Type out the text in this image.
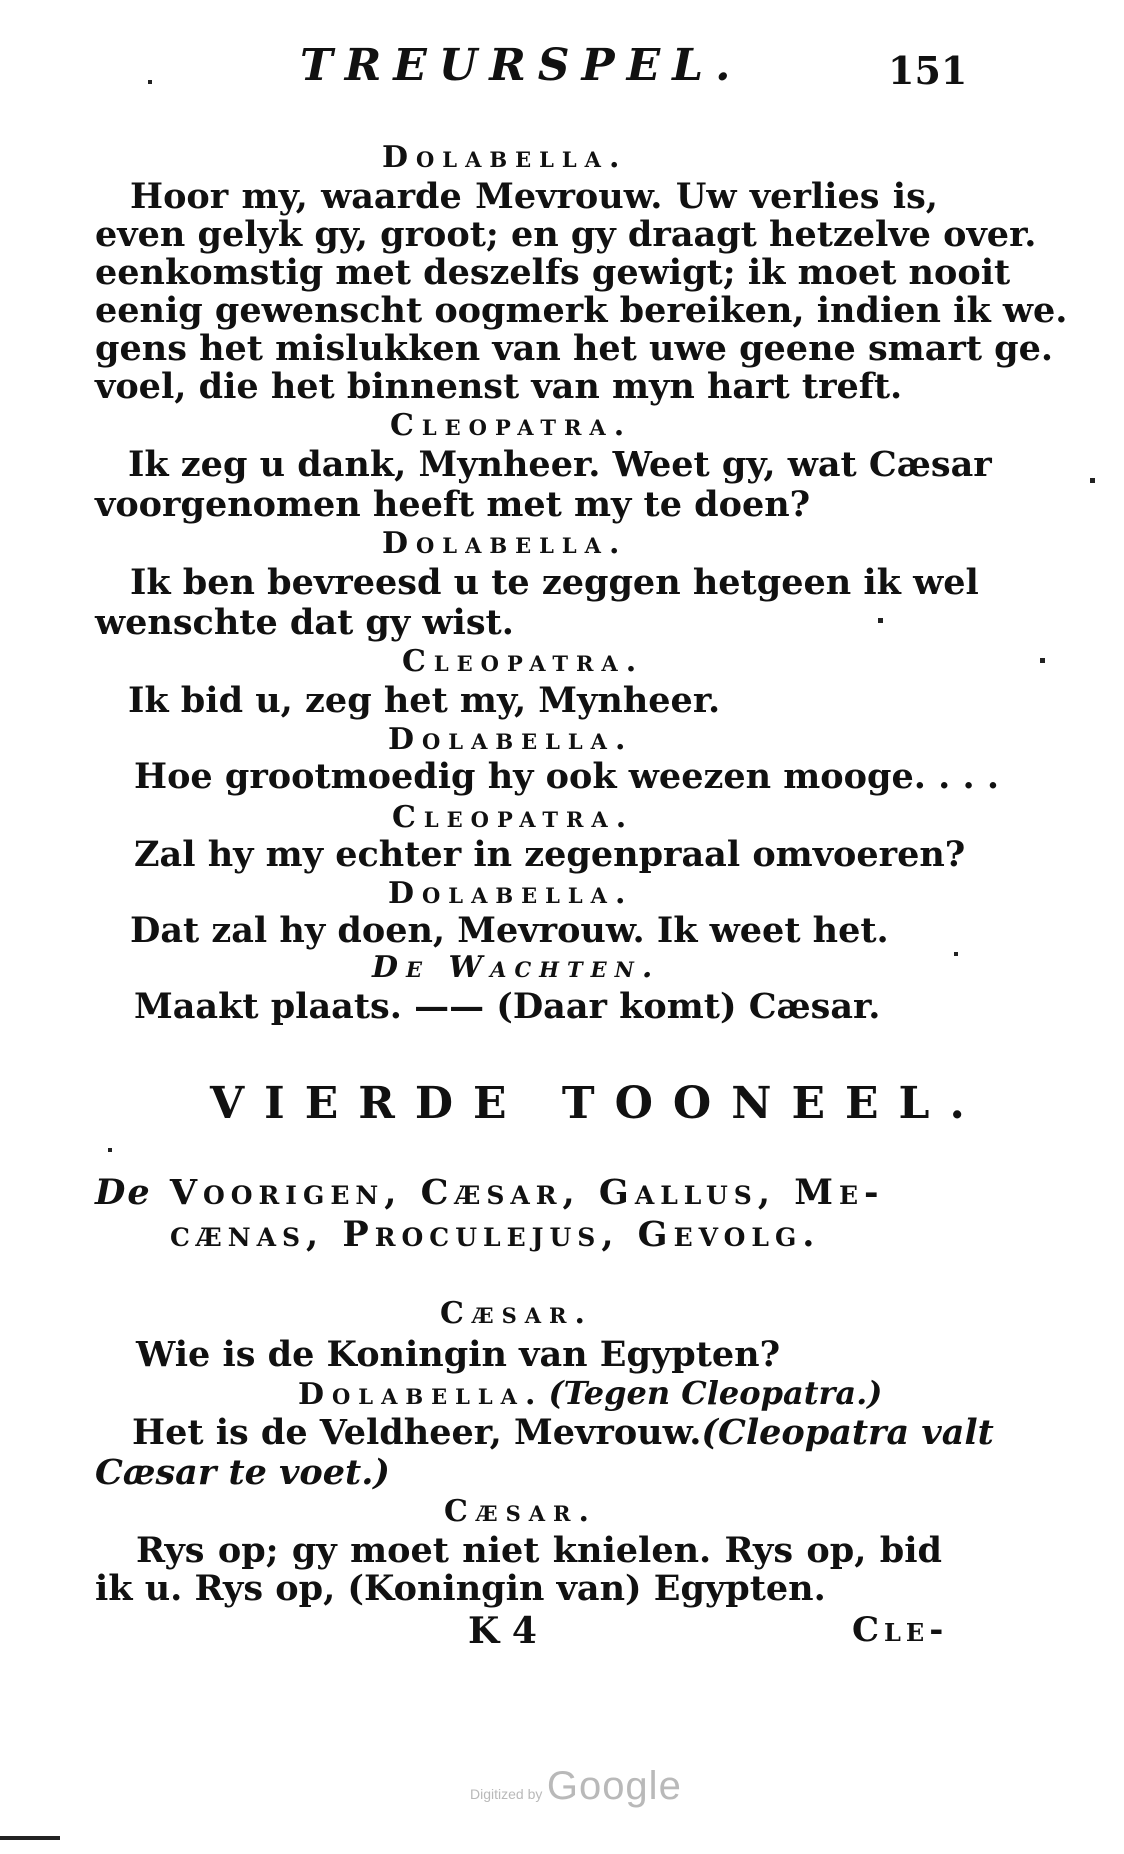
TREURSPEL.	151
Dolabella.
Hoor my, waarde Mevrouw. Uw verlies is,
even gelyk gy, groot; en gy draagt hetzelve over.
eenkomstig met deszelfs gewigt; ik moet nooit
eenig gewenscht oogmerk bereiken, indien ik we.
gens het mislukken van het uwe geene smart ge.
voel, die het binnenst van myn hart treft.
Cleopatra.
Ik zeg u dank, Mynheer. Weet gy, wat Cæsar
voorgenomen heeft met my te doen?
Dolabella.
Ik ben bevreesd u te zeggen hetgeen ik wel
wenschte dat gy wist.
Cleopatra.
Ik bid u, zeg het my, Mynheer.
Dolabella.
Hoe grootmoedig hy ook weezen mooge. . . .
Cleopatra.
Zal hy my echter in zegenpraal omvoeren?
Dolabella.
Dat zal hy doen, Mevrouw. Ik weet het.
De Wachten.
Maakt plaats. —— (Daar komt) Cæsar.
VIERDE TOONEEL.
De Voorigen, Cæsar, Gallus, Me-
cænas, Proculejus, Gevolg.
Cæsar.
Wie is de Koningin van Egypten?
Dolabella. (Tegen Cleopatra.)
Het is de Veldheer, Mevrouw. (Cleopatra valt
Cæsar te voet.)
Cæsar.
Rys op; gy moet niet knielen. Rys op, bid
ik u. Rys op, (Koningin van) Egypten.
K 4	Cle-
Digitized by Google
